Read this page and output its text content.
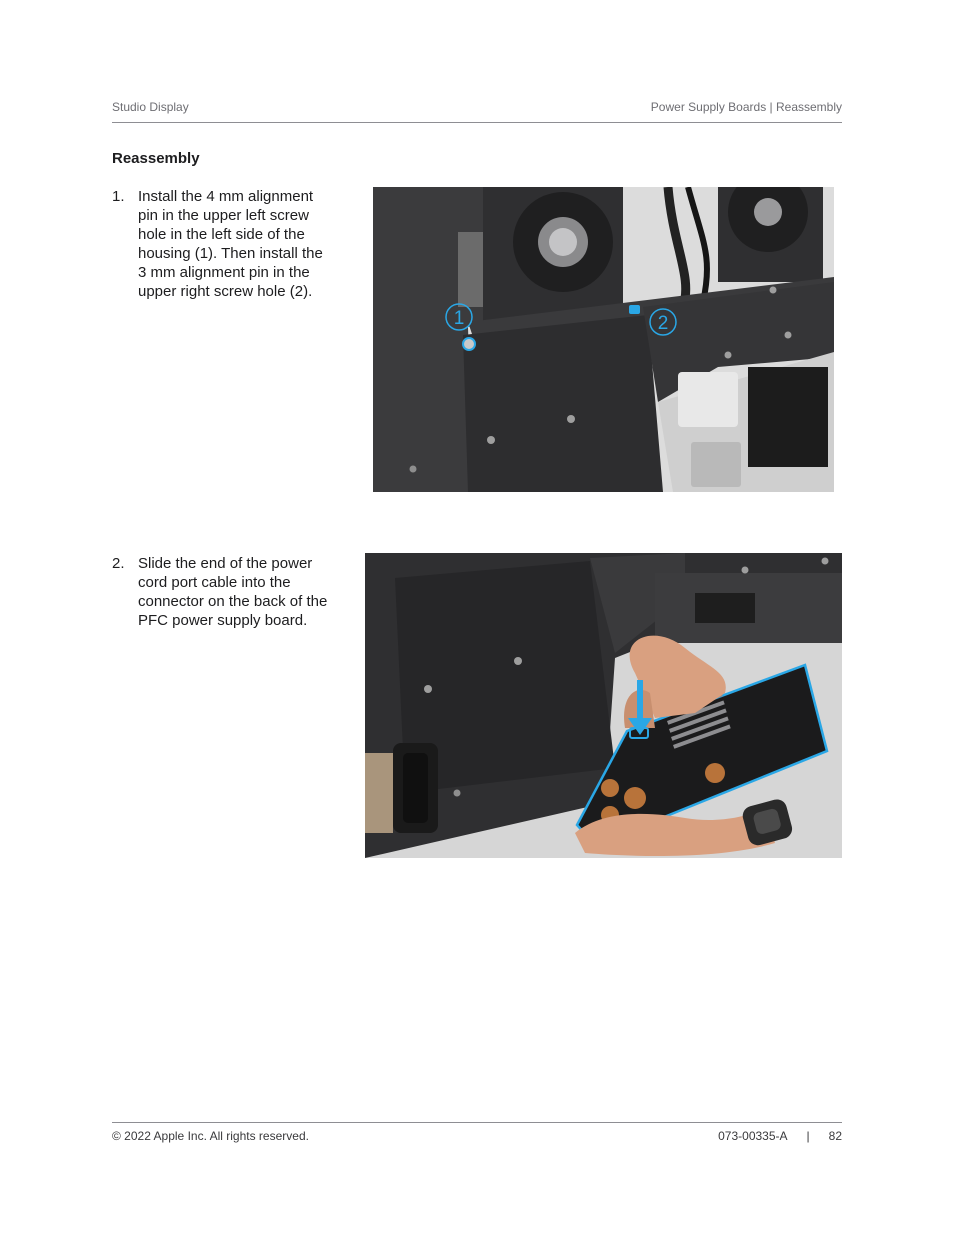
Studio Display	Power Supply Boards | Reassembly
Reassembly
1. Install the 4 mm alignment pin in the upper left screw hole in the left side of the housing (1). Then install the 3 mm alignment pin in the upper right screw hole (2).
1	2
2. Slide the end of the power cord port cable into the connector on the back of the PFC power supply board.
© 2022 Apple Inc. All rights reserved.	073-00335-A | 82
